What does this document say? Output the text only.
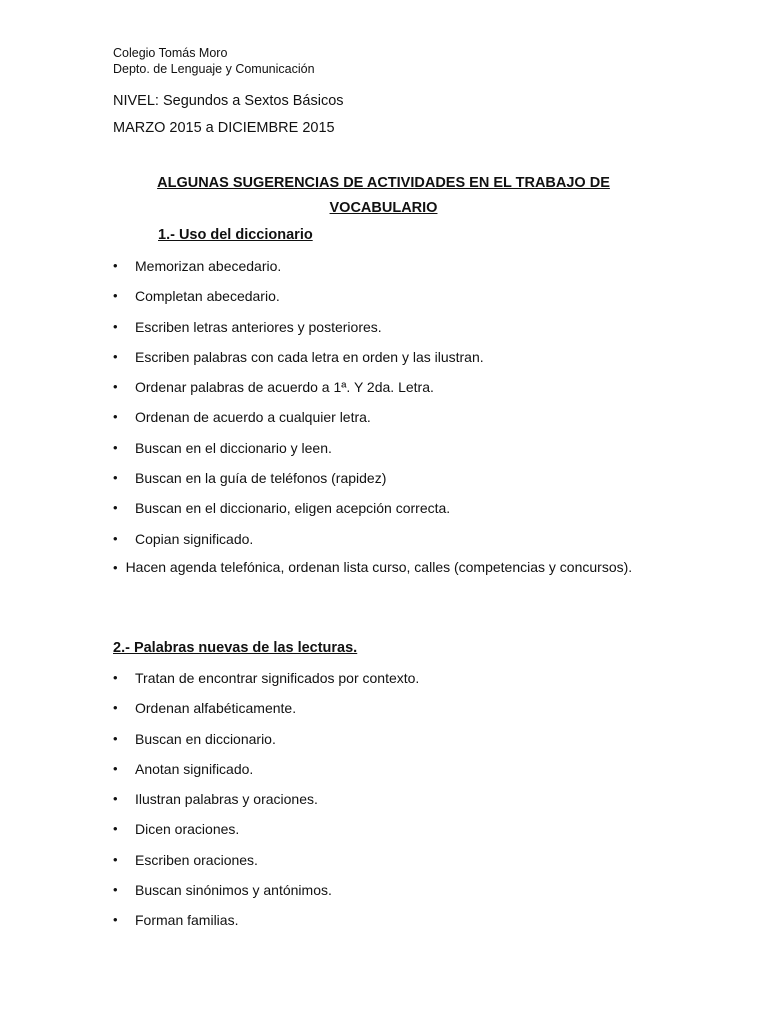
Colegio Tomás Moro
Depto. de Lenguaje y Comunicación
NIVEL: Segundos a Sextos Básicos
MARZO 2015 a DICIEMBRE 2015
ALGUNAS SUGERENCIAS DE ACTIVIDADES EN EL TRABAJO DE
VOCABULARIO
1.- Uso del diccionario
• Memorizan abecedario.
• Completan abecedario.
• Escriben letras anteriores y posteriores.
• Escriben palabras con cada letra en orden y las ilustran.
• Ordenar palabras de acuerdo a 1ª. Y 2da. Letra.
• Ordenan de acuerdo a cualquier letra.
• Buscan en el diccionario y leen.
• Buscan en la guía de teléfonos (rapidez)
• Buscan en el diccionario, eligen acepción correcta.
• Copian significado.
• Hacen agenda telefónica, ordenan lista curso, calles (competencias y concursos).
2.- Palabras nuevas de las lecturas.
• Tratan de encontrar significados por contexto.
• Ordenan alfabéticamente.
• Buscan en diccionario.
• Anotan significado.
• Ilustran palabras y oraciones.
• Dicen oraciones.
• Escriben oraciones.
• Buscan sinónimos y antónimos.
• Forman familias.
